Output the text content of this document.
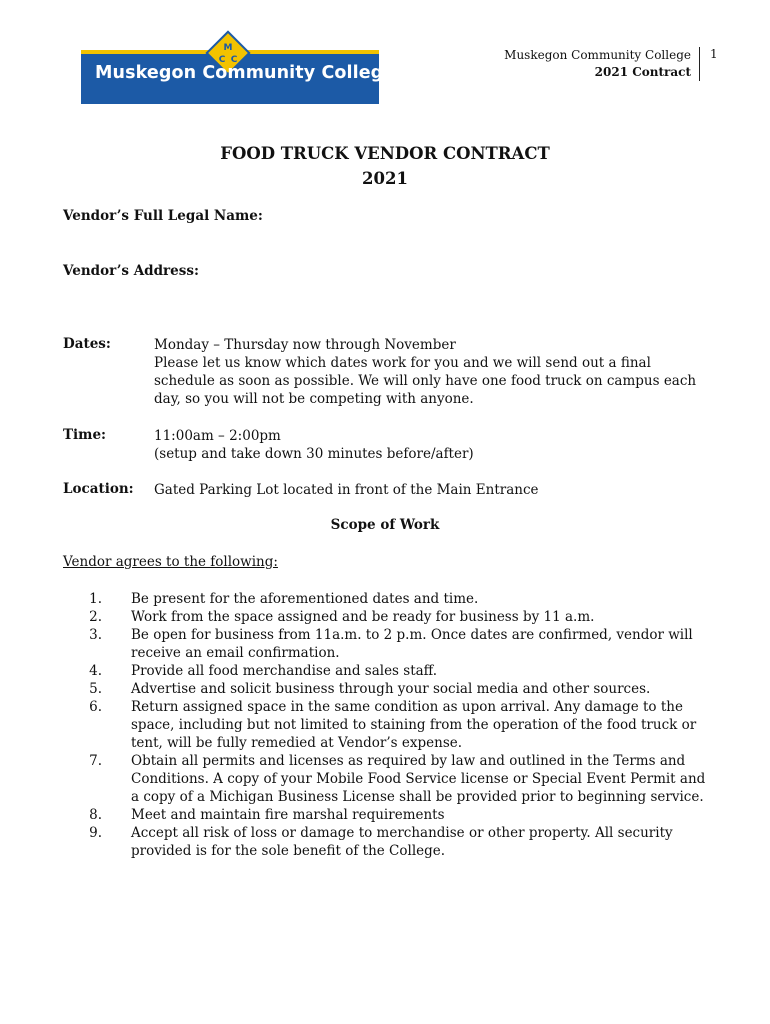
M
C C
Muskegon Community College
Muskegon Community College
2021 Contract
1
FOOD TRUCK VENDOR CONTRACT
2021
Vendor’s Full Legal Name:
Vendor’s Address:
Dates:	Monday – Thursday now through November
Please let us know which dates work for you and we will send out a final schedule as soon as possible. We will only have one food truck on campus each day, so you will not be competing with anyone.
Time:	11:00am – 2:00pm
(setup and take down 30 minutes before/after)
Location: Gated Parking Lot located in front of the Main Entrance
Scope of Work
Vendor agrees to the following:
1. Be present for the aforementioned dates and time.
2. Work from the space assigned and be ready for business by 11 a.m.
3. Be open for business from 11a.m. to 2 p.m. Once dates are confirmed, vendor will receive an email confirmation.
4. Provide all food merchandise and sales staff.
5. Advertise and solicit business through your social media and other sources.
6. Return assigned space in the same condition as upon arrival. Any damage to the space, including but not limited to staining from the operation of the food truck or tent, will be fully remedied at Vendor’s expense.
7. Obtain all permits and licenses as required by law and outlined in the Terms and Conditions. A copy of your Mobile Food Service license or Special Event Permit and a copy of a Michigan Business License shall be provided prior to beginning service.
8. Meet and maintain fire marshal requirements
9. Accept all risk of loss or damage to merchandise or other property. All security provided is for the sole benefit of the College.
